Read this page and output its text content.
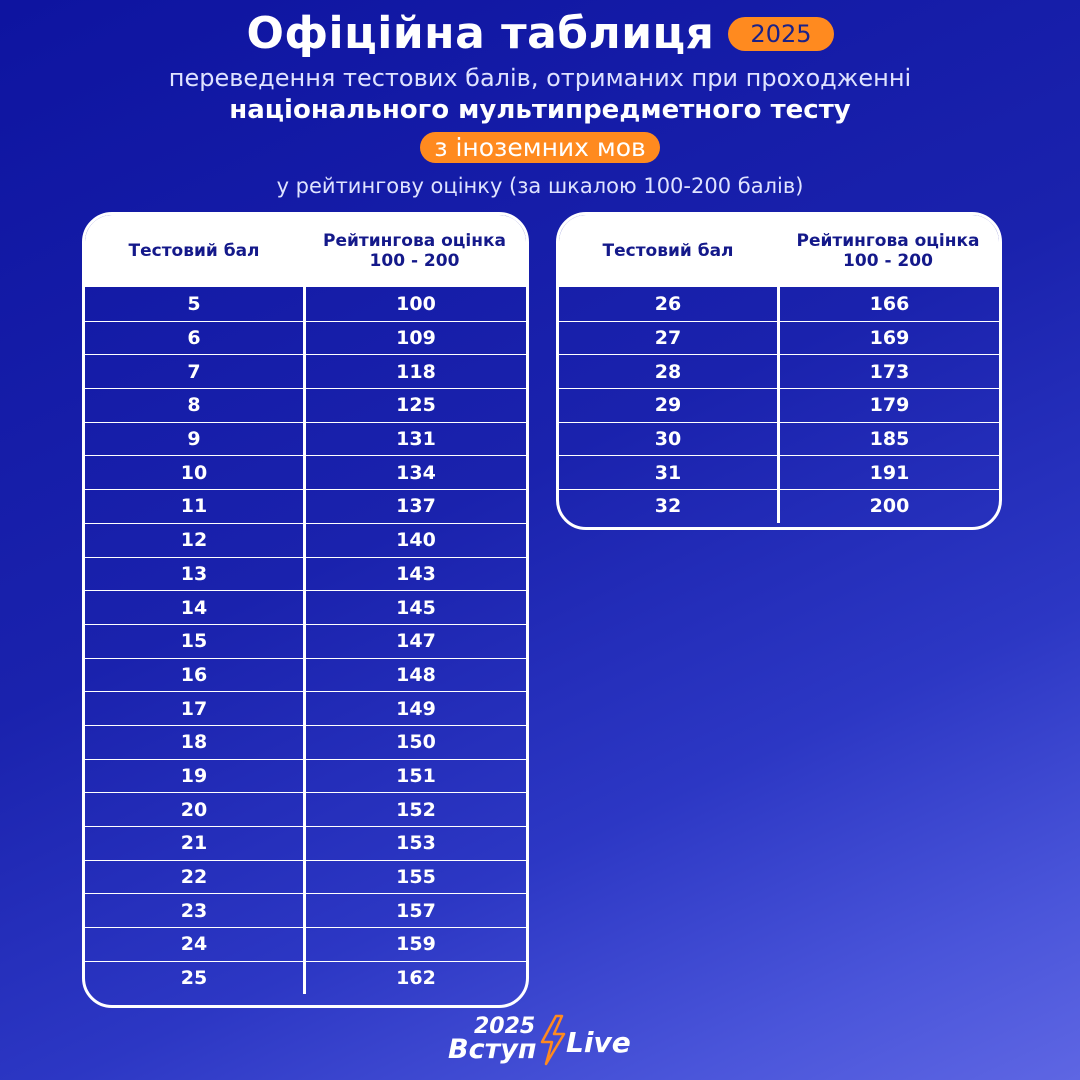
Офіційна таблиця	2025
переведення тестових балів, отриманих при проходженні
національного мультипредметного тесту
з іноземних мов
у рейтингову оцінку (за шкалою 100-200 балів)
Тестовий бал	Рейтингова оцінка
100 - 200
5	100
6	109
7	118
8	125
9	131
10	134
11	137
12	140
13	143
14	145
15	147
16	148
17	149
18	150
19	151
20	152
21	153
22	155
23	157
24	159
25	162
Тестовий бал	Рейтингова оцінка
100 - 200
26	166
27	169
28	173
29	179
30	185
31	191
32	200
2025
Вступ Live
